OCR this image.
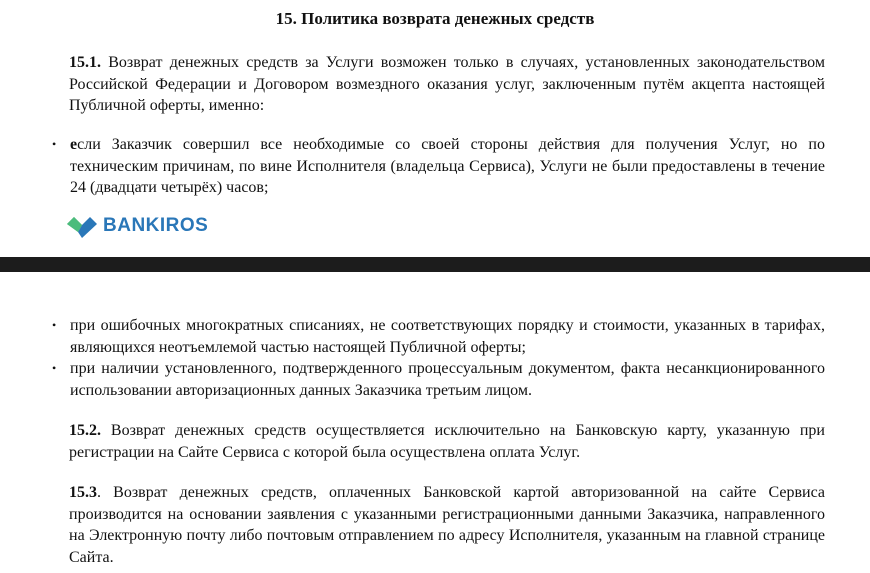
15. Политика возврата денежных средств

15.1. Возврат денежных средств за Услуги возможен только в случаях, установленных законодательством Российской Федерации и Договором возмездного оказания услуг, заключенным путём акцепта настоящей Публичной оферты, именно:

• если Заказчик совершил все необходимые со своей стороны действия для получения Услуг, но по техническим причинам, по вине Исполнителя (владельца Сервиса), Услуги не были предоставлены в течение 24 (двадцати четырёх) часов;

BANKIROS
• при ошибочных многократных списаниях, не соответствующих порядку и стоимости, указанных в тарифах, являющихся неотъемлемой частью настоящей Публичной оферты;

• при наличии установленного, подтвержденного процессуальным документом, факта несанкционированного использовании авторизационных данных Заказчика третьим лицом.

15.2. Возврат денежных средств осуществляется исключительно на Банковскую карту, указанную при регистрации на Сайте Сервиса с которой была осуществлена оплата Услуг.

15.3. Возврат денежных средств, оплаченных Банковской картой авторизованной на сайте Сервиса производится на основании заявления с указанными регистрационными данными Заказчика, направленного на Электронную почту либо почтовым отправлением по адресу Исполнителя, указанным на главной странице Сайта.
